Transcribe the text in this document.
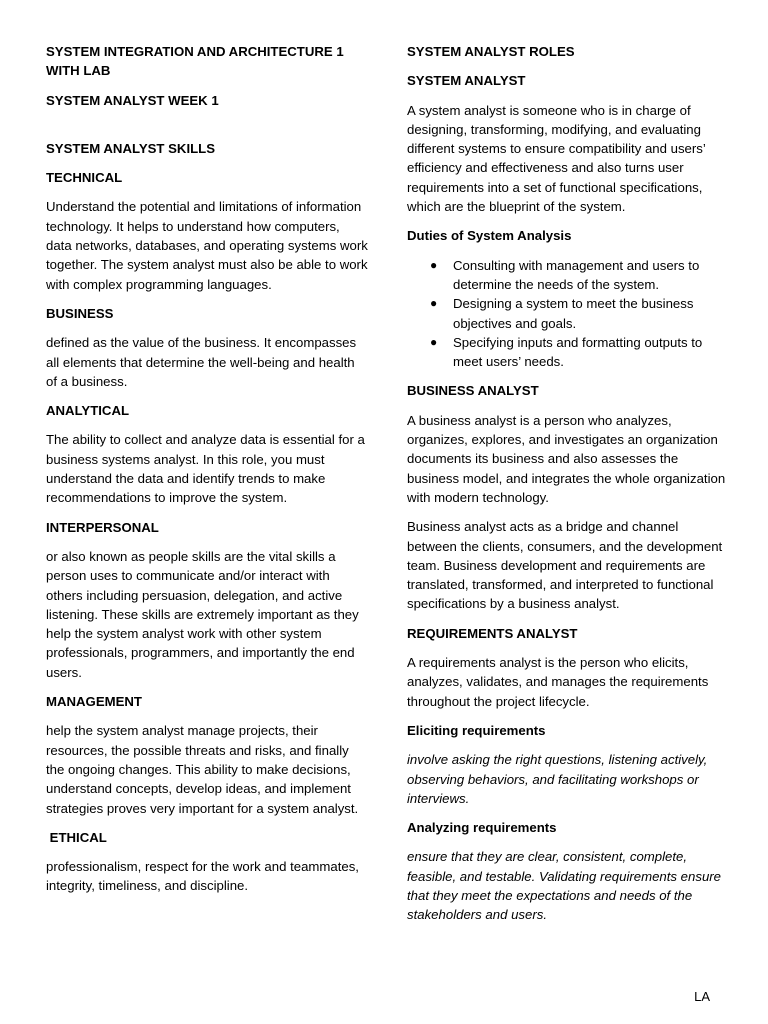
SYSTEM INTEGRATION AND ARCHITECTURE 1 WITH LAB
SYSTEM ANALYST WEEK 1
SYSTEM ANALYST SKILLS
TECHNICAL
Understand the potential and limitations of information technology. It helps to understand how computers, data networks, databases, and operating systems work together. The system analyst must also be able to work with complex programming languages.
BUSINESS
defined as the value of the business. It encompasses all elements that determine the well-being and health of a business.
ANALYTICAL
The ability to collect and analyze data is essential for a business systems analyst. In this role, you must understand the data and identify trends to make recommendations to improve the system.
INTERPERSONAL
or also known as people skills are the vital skills a person uses to communicate and/or interact with others including persuasion, delegation, and active listening. These skills are extremely important as they help the system analyst work with other system professionals, programmers, and importantly the end users.
MANAGEMENT
help the system analyst manage projects, their resources, the possible threats and risks, and finally the ongoing changes. This ability to make decisions, understand concepts, develop ideas, and implement strategies proves very important for a system analyst.
ETHICAL
professionalism, respect for the work and teammates, integrity, timeliness, and discipline.
SYSTEM ANALYST ROLES
SYSTEM ANALYST
A system analyst is someone who is in charge of designing, transforming, modifying, and evaluating different systems to ensure compatibility and users’ efficiency and effectiveness and also turns user requirements into a set of functional specifications, which are the blueprint of the system.
Duties of System Analysis
● Consulting with management and users to determine the needs of the system.
● Designing a system to meet the business objectives and goals.
● Specifying inputs and formatting outputs to meet users’ needs.
BUSINESS ANALYST
A business analyst is a person who analyzes, organizes, explores, and investigates an organization documents its business and also assesses the business model, and integrates the whole organization with modern technology.
Business analyst acts as a bridge and channel between the clients, consumers, and the development team. Business development and requirements are translated, transformed, and interpreted to functional specifications by a business analyst.
REQUIREMENTS ANALYST
A requirements analyst is the person who elicits, analyzes, validates, and manages the requirements throughout the project lifecycle.
Eliciting requirements
involve asking the right questions, listening actively, observing behaviors, and facilitating workshops or interviews.
Analyzing requirements
ensure that they are clear, consistent, complete, feasible, and testable. Validating requirements ensure that they meet the expectations and needs of the stakeholders and users.
LA
